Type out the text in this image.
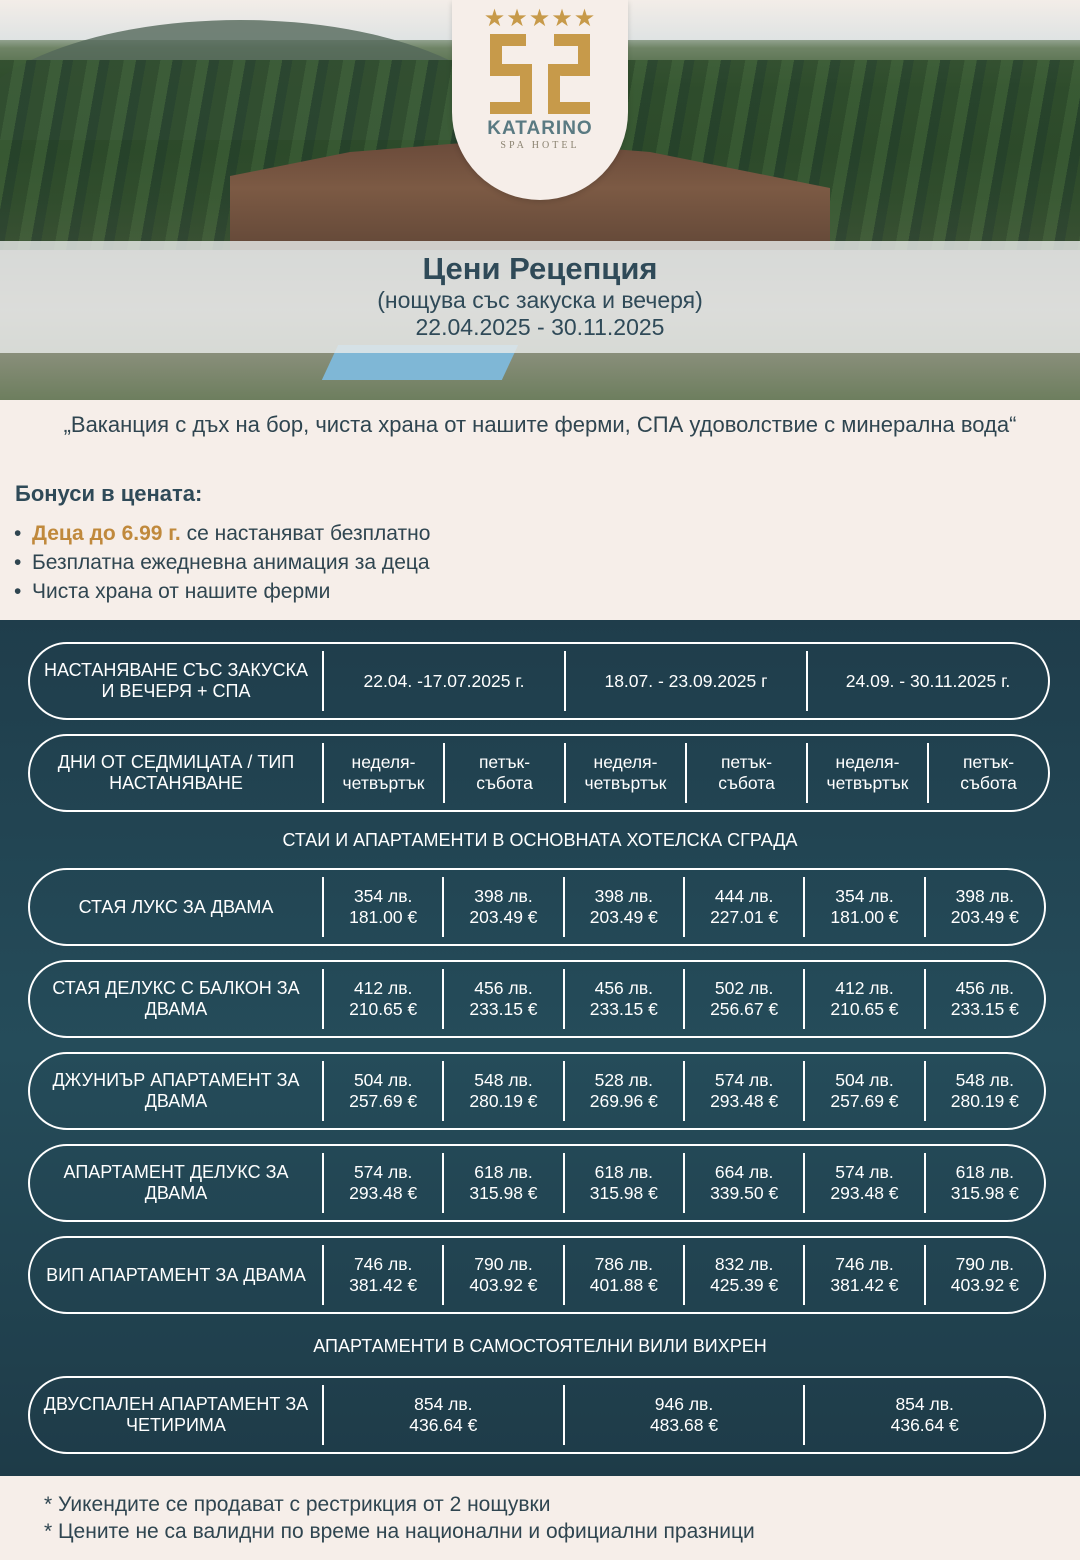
★★★★★
KATARINO
SPA HOTEL
Цени Рецепция

(нощува със закуска и вечеря)

22.04.2025 - 30.11.2025

„Ваканция с дъх на бор, чиста храна от нашите ферми, СПА удоволствие с минерална вода“
Бонуси в цената:
• Деца до 6.99 г. се настаняват безплатно
• Безплатна ежедневна анимация за деца
• Чиста храна от нашите ферми
НАСТАНЯВАНЕ СЪС ЗАКУСКА И ВЕЧЕРЯ + СПА
22.04. -17.07.2025 г.	18.07. - 23.09.2025 г	24.09. - 30.11.2025 г.
ДНИ ОТ СЕДМИЦАТА / ТИП НАСТАНЯВАНЕ
неделя-
четвъртък
петък-
събота
неделя-
четвъртък
петък-
събота
неделя-
четвъртък
петък-
събота
СТАИ И АПАРТАМЕНТИ В ОСНОВНАТА ХОТЕЛСКА СГРАДА
СТАЯ ЛУКС ЗА ДВАМА
354 лв.
181.00 €
398 лв.
203.49 €
398 лв.
203.49 €
444 лв.
227.01 €
354 лв.
181.00 €
398 лв.
203.49 €
СТАЯ ДЕЛУКС С БАЛКОН ЗА ДВАМА
412 лв.
210.65 €
456 лв.
233.15 €
456 лв.
233.15 €
502 лв.
256.67 €
412 лв.
210.65 €
456 лв.
233.15 €
ДЖУНИЪР АПАРТАМЕНТ ЗА ДВАМА
504 лв.
257.69 €
548 лв.
280.19 €
528 лв.
269.96 €
574 лв.
293.48 €
504 лв.
257.69 €
548 лв.
280.19 €
АПАРТАМЕНТ ДЕЛУКС ЗА ДВАМА
574 лв.
293.48 €
618 лв.
315.98 €
618 лв.
315.98 €
664 лв.
339.50 €
574 лв.
293.48 €
618 лв.
315.98 €
ВИП АПАРТАМЕНТ ЗА ДВАМА
746 лв.
381.42 €
790 лв.
403.92 €
786 лв.
401.88 €
832 лв.
425.39 €
746 лв.
381.42 €
790 лв.
403.92 €
АПАРТАМЕНТИ В САМОСТОЯТЕЛНИ ВИЛИ ВИХРЕН
ДВУСПАЛЕН АПАРТАМЕНТ ЗА ЧЕТИРИМА
854 лв.
436.64 €
946 лв.
483.68 €
854 лв.
436.64 €
* Уикендите се продават с рестрикция от 2 нощувки
* Цените не са валидни по време на национални и официални празници
